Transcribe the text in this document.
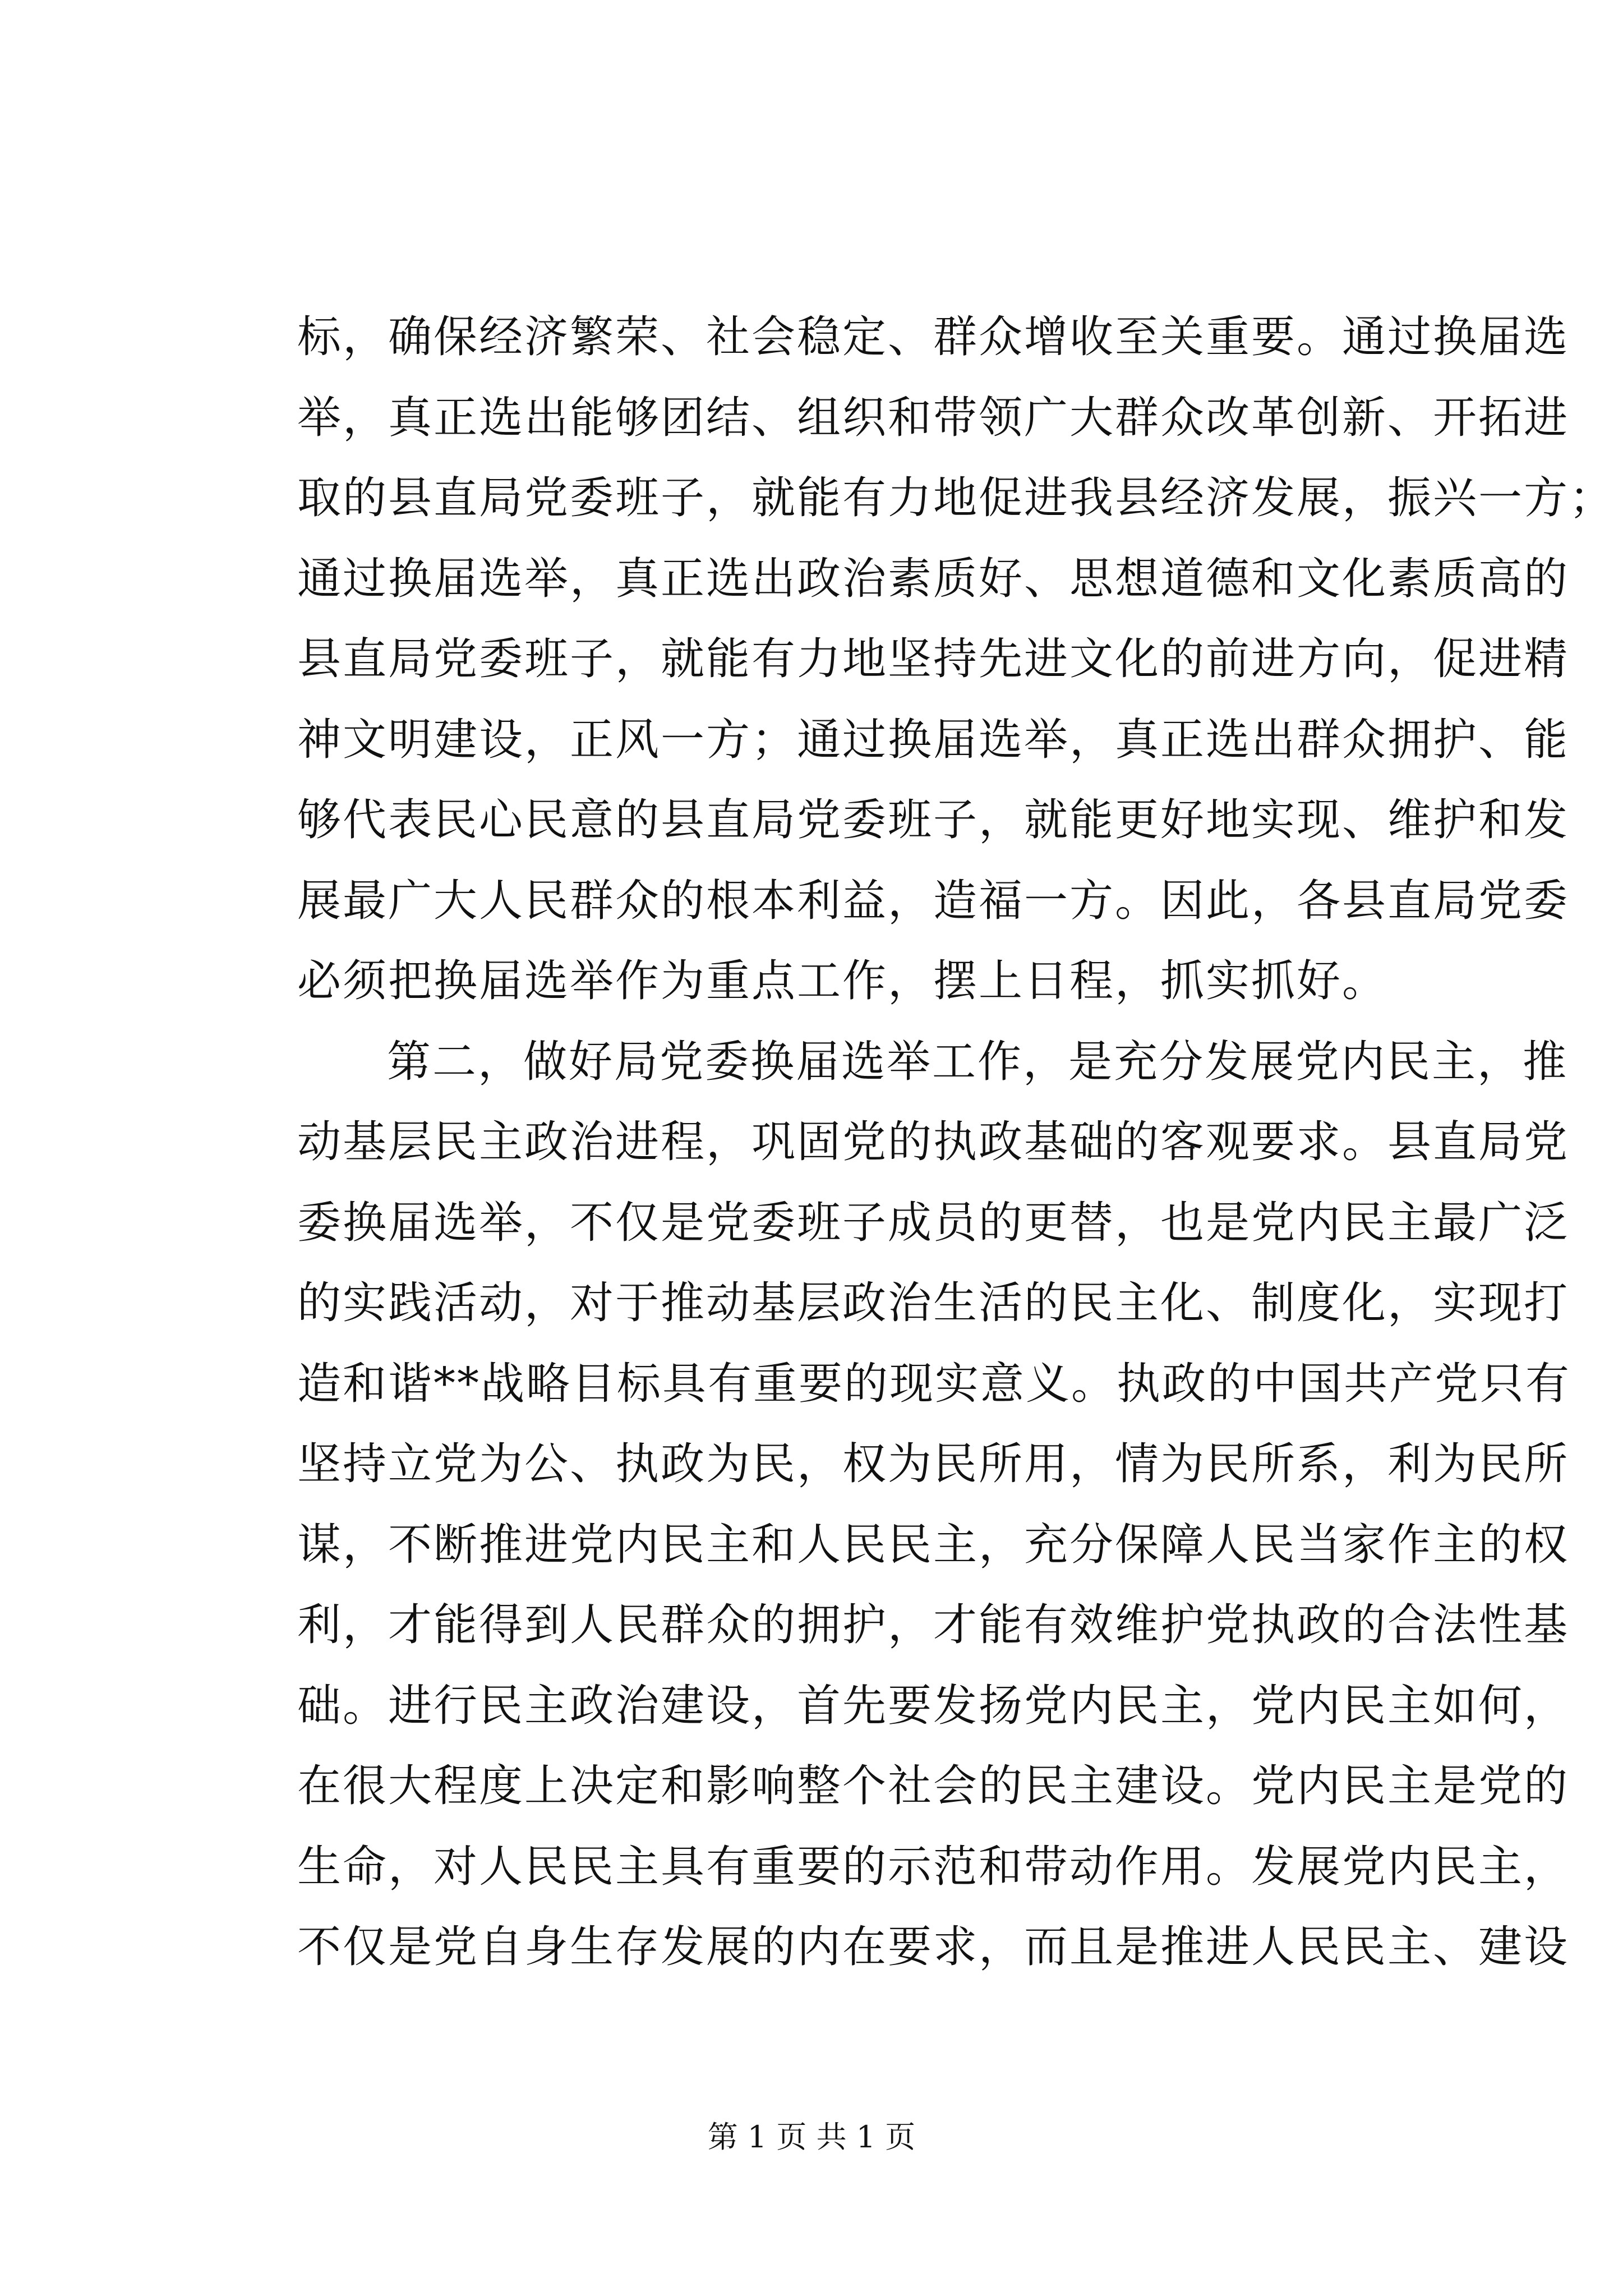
标，确保经济繁荣、社会稳定、群众增收至关重要。通过换届选
举，真正选出能够团结、组织和带领广大群众改革创新、开拓进
取的县直局党委班子，就能有力地促进我县经济发展，振兴一方；
通过换届选举，真正选出政治素质好、思想道德和文化素质高的
县直局党委班子，就能有力地坚持先进文化的前进方向，促进精
神文明建设，正风一方；通过换届选举，真正选出群众拥护、能
够代表民心民意的县直局党委班子，就能更好地实现、维护和发
展最广大人民群众的根本利益，造福一方。因此，各县直局党委
必须把换届选举作为重点工作，摆上日程，抓实抓好。
第二，做好局党委换届选举工作，是充分发展党内民主，推
动基层民主政治进程，巩固党的执政基础的客观要求。县直局党
委换届选举，不仅是党委班子成员的更替，也是党内民主最广泛
的实践活动，对于推动基层政治生活的民主化、制度化，实现打
造和谐**战略目标具有重要的现实意义。执政的中国共产党只有
坚持立党为公、执政为民，权为民所用，情为民所系，利为民所
谋，不断推进党内民主和人民民主，充分保障人民当家作主的权
利，才能得到人民群众的拥护，才能有效维护党执政的合法性基
础。进行民主政治建设，首先要发扬党内民主，党内民主如何，
在很大程度上决定和影响整个社会的民主建设。党内民主是党的
生命，对人民民主具有重要的示范和带动作用。发展党内民主，
不仅是党自身生存发展的内在要求，而且是推进人民民主、建设
第 1 页 共 1 页
